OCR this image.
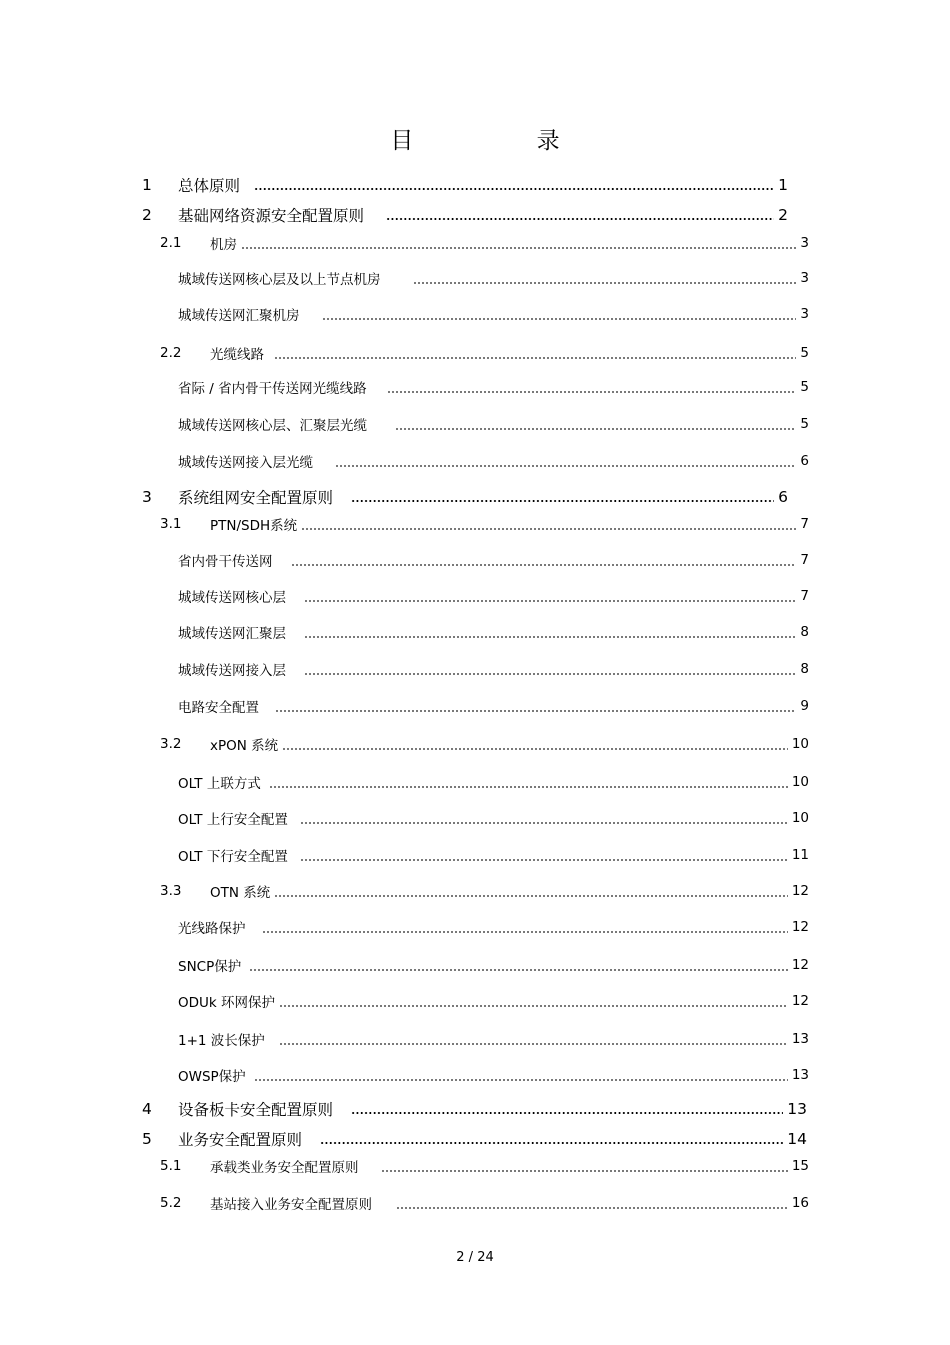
目 录
1	总体原则	1
2	基础网络资源安全配置原则	2
2.1	机房	3
城域传送网核心层及以上节点机房	3
城域传送网汇聚机房	3
2.2	光缆线路	5
省际 / 省内骨干传送网光缆线路	5
城域传送网核心层、汇聚层光缆	5
城域传送网接入层光缆	6
3	系统组网安全配置原则	6
3.1	PTN/SDH系统	7
省内骨干传送网	7
城域传送网核心层	7
城域传送网汇聚层	8
城域传送网接入层	8
电路安全配置	9
3.2	xPON 系统	10
OLT 上联方式	10
OLT 上行安全配置	10
OLT 下行安全配置	11
3.3	OTN 系统	12
光线路保护	12
SNCP保护	12
ODUk 环网保护	12
1+1 波长保护	13
OWSP保护	13
4	设备板卡安全配置原则	13
5	业务安全配置原则	14
5.1	承载类业务安全配置原则	15
5.2	基站接入业务安全配置原则	16
2 / 24
